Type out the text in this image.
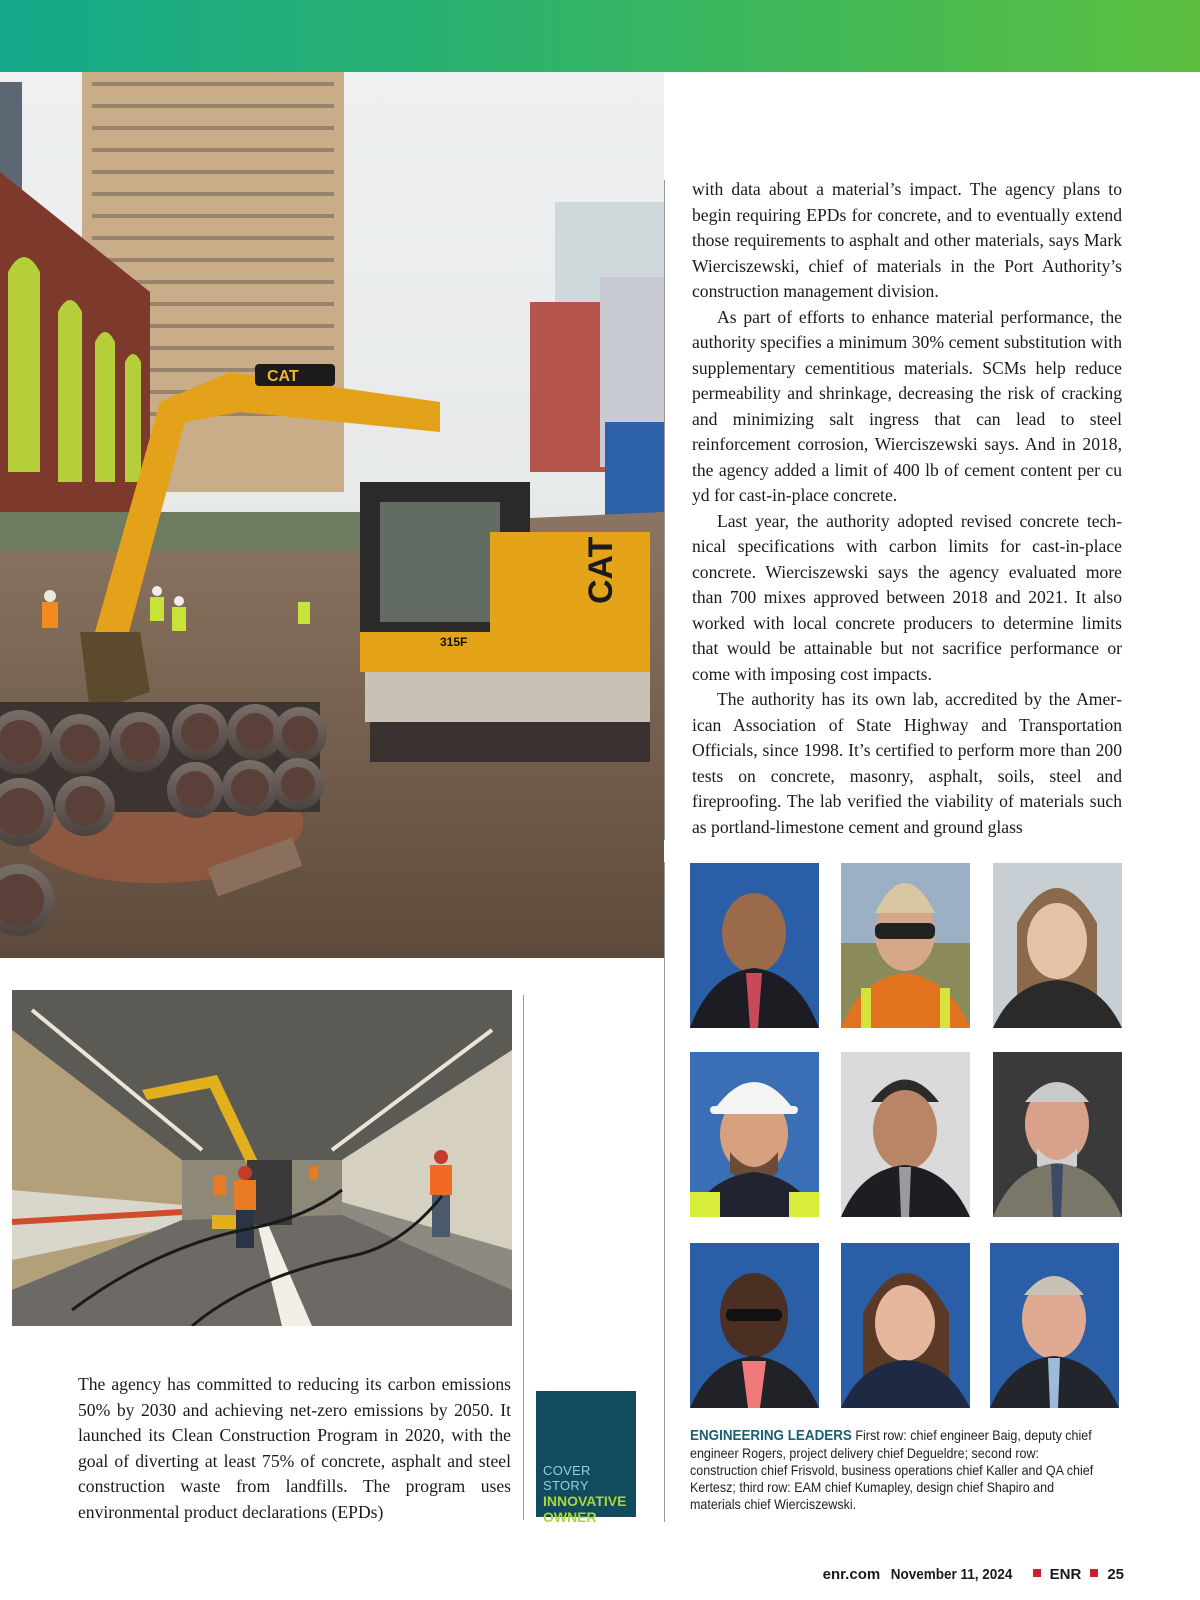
CAT
315F
CAT

with data about a material’s impact. The agency plans to begin requiring EPDs for concrete, and to eventually extend those requirements to asphalt and other materials, says Mark Wierciszewski, chief of materials in the Port Authority’s construction management division.

As part of efforts to enhance material performance, the authority specifies a minimum 30% cement substitution with supplementary cementitious materials. SCMs help reduce permeability and shrinkage, decreasing the risk of cracking and minimizing salt ingress that can lead to steel reinforcement corrosion, Wierciszewski says. And in 2018, the agency added a limit of 400 lb of cement content per cu yd for cast-in-place concrete.

Last year, the authority adopted revised concrete technical specifications with carbon limits for cast-in-place concrete. Wierciszewski says the agency evaluated more than 700 mixes approved between 2018 and 2021. It also worked with local concrete producers to determine limits that would be attainable but not sacrifice performance or come with imposing cost impacts.

The authority has its own lab, accredited by the American Association of State Highway and Transportation Officials, since 1998. It’s certified to perform more than 200 tests on concrete, masonry, asphalt, soils, steel and fireproofing. The lab verified the viability of materials such as portland-limestone cement and ground glass

ENGINEERING LEADERS First row: chief engineer Baig, deputy chief engineer Rogers, project delivery chief Degueldre; second row: construction chief Frisvold, business operations chief Kaller and QA chief Kertesz; third row: EAM chief Kumapley, design chief Shapiro and materials chief Wierciszewski.

The agency has committed to reducing its carbon emissions 50% by 2030 and achieving net-zero emissions by 2050. It launched its Clean Construction Program in 2020, with the goal of diverting at least 75% of concrete, asphalt and steel construction waste from landfills. The program uses environmental product declarations (EPDs)

COVER STORY
INNOVATIVE
OWNER
enr.com November 11, 2024 ENR 25
